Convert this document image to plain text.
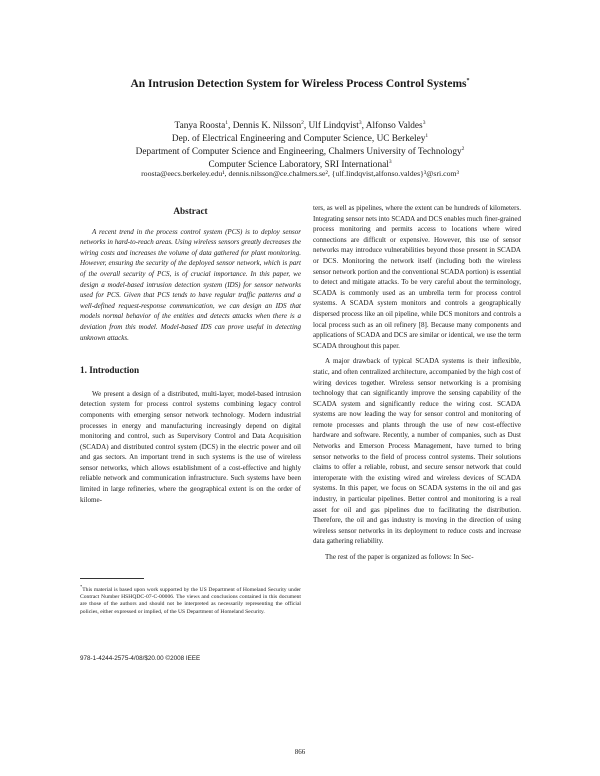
An Intrusion Detection System for Wireless Process Control Systems*
Tanya Roosta$^1$, Dennis K. Nilsson$^2$, Ulf Lindqvist$^3$, Alfonso Valdes$^3$
Dep. of Electrical Engineering and Computer Science, UC Berkeley$^1$
Department of Computer Science and Engineering, Chalmers University of Technology$^2$
Computer Science Laboratory, SRI International$^3$
roosta@eecs.berkeley.edu¹, dennis.nilsson@ce.chalmers.se², {ulf.lindqvist,alfonso.valdes}³@sri.com³
Abstract

A recent trend in the process control system (PCS) is to deploy sensor networks in hard-to-reach areas. Using wireless sensors greatly decreases the wiring costs and increases the volume of data gathered for plant monitoring. However, ensuring the security of the deployed sensor network, which is part of the overall security of PCS, is of crucial importance. In this paper, we design a model-based intrusion detection system (IDS) for sensor networks used for PCS. Given that PCS tends to have regular traffic patterns and a well-defined request-response communication, we can design an IDS that models normal behavior of the entities and detects attacks when there is a deviation from this model. Model-based IDS can prove useful in detecting unknown attacks.

1. Introduction

We present a design of a distributed, multi-layer, model-based intrusion detection system for process control systems combining legacy control components with emerging sensor network technology. Modern industrial processes in energy and manufacturing increasingly depend on digital monitoring and control, such as Supervisory Control and Data Acquisition (SCADA) and distributed control system (DCS) in the electric power and oil and gas sectors. An important trend in such systems is the use of wireless sensor networks, which allows establishment of a cost-effective and highly reliable network and communication infrastructure. Such systems have been limited in large refineries, where the geographical extent is on the order of kilome-

ters, as well as pipelines, where the extent can be hundreds of kilometers. Integrating sensor nets into SCADA and DCS enables much finer-grained process monitoring and permits access to locations where wired connections are difficult or expensive. However, this use of sensor networks may introduce vulnerabilities beyond those present in SCADA or DCS. Monitoring the network itself (including both the wireless sensor network portion and the conventional SCADA portion) is essential to detect and mitigate attacks. To be very careful about the terminology, SCADA is commonly used as an umbrella term for process control systems. A SCADA system monitors and controls a geographically dispersed process like an oil pipeline, while DCS monitors and controls a local process such as an oil refinery [8]. Because many components and applications of SCADA and DCS are similar or identical, we use the term SCADA throughout this paper.

A major drawback of typical SCADA systems is their inflexible, static, and often centralized architecture, accompanied by the high cost of wiring devices together. Wireless sensor networking is a promising technology that can significantly improve the sensing capability of the SCADA system and significantly reduce the wiring cost. SCADA systems are now leading the way for sensor control and monitoring of remote processes and plants through the use of new cost-effective hardware and software. Recently, a number of companies, such as Dust Networks and Emerson Process Management, have turned to bring sensor networks to the field of process control systems. Their solutions claims to offer a reliable, robust, and secure sensor network that could interoperate with the existing wired and wireless devices of SCADA systems. In this paper, we focus on SCADA systems in the oil and gas industry, in particular pipelines. Better control and monitoring is a real asset for oil and gas pipelines due to facilitating the distribution. Therefore, the oil and gas industry is moving in the direction of using wireless sensor networks in its deployment to reduce costs and increase data gathering reliability.

The rest of the paper is organized as follows: In Sec-

*This material is based upon work supported by the US Department of Homeland Security under Contract Number HSHQDC-07-C-00006. The views and conclusions contained in this document are those of the authors and should not be interpreted as necessarily representing the official policies, either expressed or implied, of the US Department of Homeland Security.
978-1-4244-2575-4/08/$20.00 ©2008 IEEE
866
